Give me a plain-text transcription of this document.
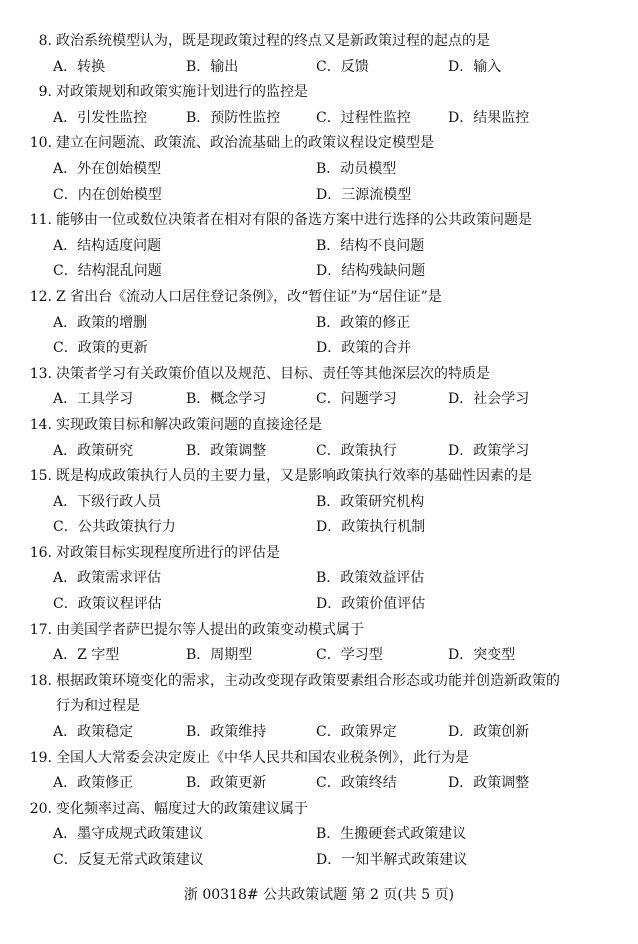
8. 政治系统模型认为，既是现政策过程的终点又是新政策过程的起点的是
A．转换	B．输出	C．反馈	D．输入
9. 对政策规划和政策实施计划进行的监控是
A．引发性监控	B．预防性监控	C．过程性监控	D．结果监控
10. 建立在问题流、政策流、政治流基础上的政策议程设定模型是
A．外在创始模型	B．动员模型
C．内在创始模型	D．三源流模型
11. 能够由一位或数位决策者在相对有限的备选方案中进行选择的公共政策问题是
A．结构适度问题	B．结构不良问题
C．结构混乱问题	D．结构残缺问题
12. Z 省出台《流动人口居住登记条例》，改“暂住证”为“居住证”是
A．政策的增删	B．政策的修正
C．政策的更新	D．政策的合并
13. 决策者学习有关政策价值以及规范、目标、责任等其他深层次的特质是
A．工具学习	B．概念学习	C．问题学习	D．社会学习
14. 实现政策目标和解决政策问题的直接途径是
A．政策研究	B．政策调整	C．政策执行	D．政策学习
15. 既是构成政策执行人员的主要力量，又是影响政策执行效率的基础性因素的是
A．下级行政人员	B．政策研究机构
C．公共政策执行力	D．政策执行机制
16. 对政策目标实现程度所进行的评估是
A．政策需求评估	B．政策效益评估
C．政策议程评估	D．政策价值评估
17. 由美国学者萨巴提尔等人提出的政策变动模式属于
A．Z 字型	B．周期型	C．学习型	D．突变型
18. 根据政策环境变化的需求，主动改变现存政策要素组合形态或功能并创造新政策的
行为和过程是
A．政策稳定	B．政策维持	C．政策界定	D．政策创新
19. 全国人大常委会决定废止《中华人民共和国农业税条例》，此行为是
A．政策修正	B．政策更新	C．政策终结	D．政策调整
20. 变化频率过高、幅度过大的政策建议属于
A．墨守成规式政策建议	B．生搬硬套式政策建议
C．反复无常式政策建议	D．一知半解式政策建议
浙 00318# 公共政策试题 第 2 页(共 5 页)
